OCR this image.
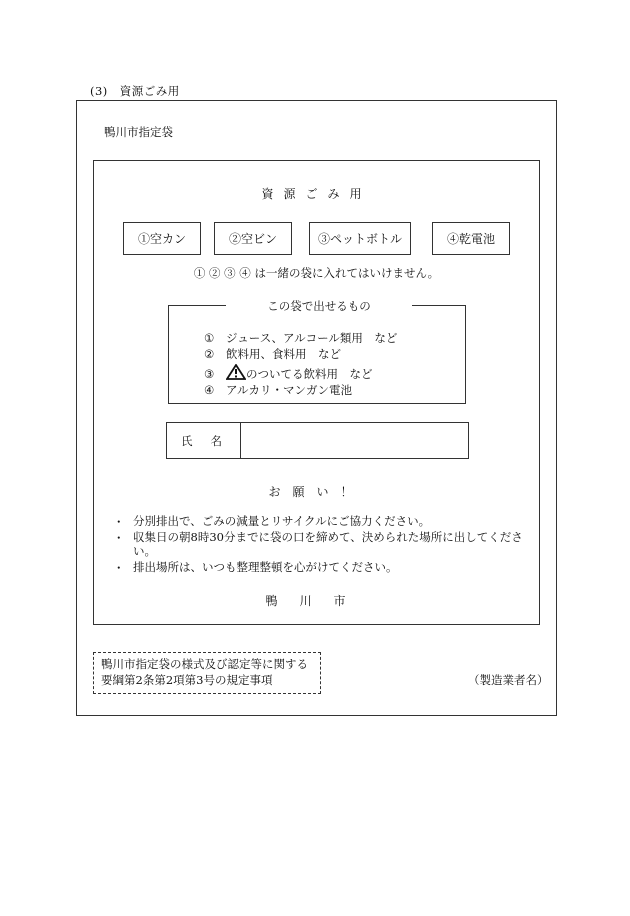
(3)　資源ごみ用
鴨川市指定袋
資源ごみ用
①空カン	②空ビン	③ペットボトル	④乾電池
① ② ③ ④ は一緒の袋に入れてはいけません。
この袋で出せるもの
① ジュース、アルコール類用　など
② 飲料用、食料用　など
③	のついてる飲料用　など
④ アルカリ・マンガン電池
氏名
お願い！
・ 分別排出で、ごみの減量とリサイクルにご協力ください。
・ 収集日の朝8時30分までに袋の口を締めて、決められた場所に出してください。
・ 排出場所は、いつも整理整頓を心がけてください。
鴨川市
鴨川市指定袋の様式及び認定等に関する
要綱第2条第2項第3号の規定事項	（製造業者名）
